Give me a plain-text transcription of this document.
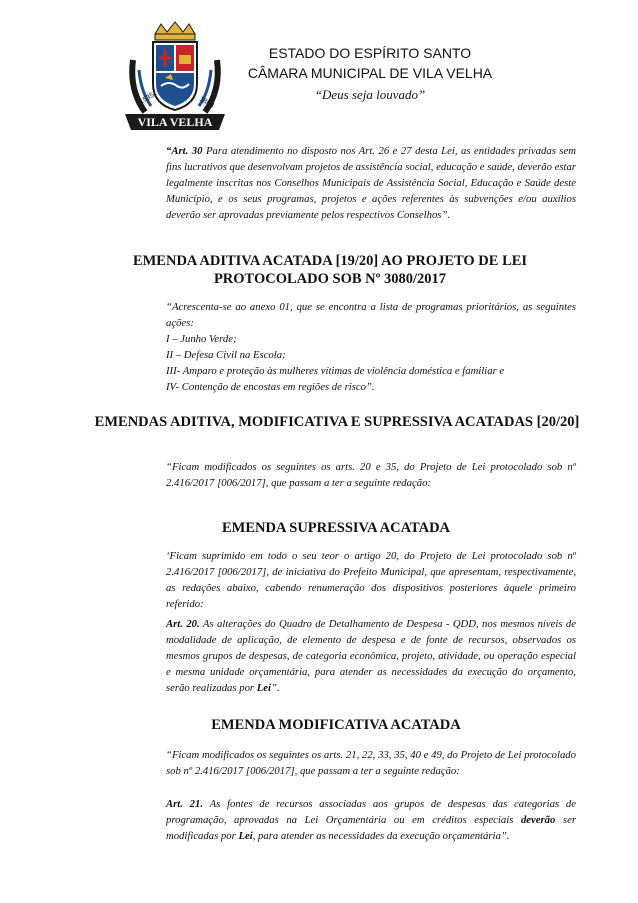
1535	1888
VILA VELHA
ESTADO DO ESPÍRITO SANTO
CÂMARA MUNICIPAL DE VILA VELHA
“Deus seja louvado”

“Art. 30 Para atendimento no disposto nos Art. 26 e 27 desta Lei, as entidades privadas sem fins lucrativos que desenvolvam projetos de assistência social, educação e saúde, deverão estar legalmente inscritas nos Conselhos Municipais de Assistência Social, Educação e Saúde deste Município, e os seus programas, projetos e ações referentes às subvenções e/ou auxílios deverão ser aprovadas previamente pelos respectivos Conselhos”.

EMENDA ADITIVA ACATADA [19/20] AO PROJETO DE LEI PROTOCOLADO SOB Nº 3080/2017
“Acrescenta-se ao anexo 01, que se encontra a lista de programas prioritários, as seguintes ações:
I – Junho Verde;
II – Defesa Civil na Escola;
III- Amparo e proteção às mulheres vítimas de violência doméstica e familiar e
IV- Contenção de encostas em regiões de risco”.
EMENDAS ADITIVA, MODIFICATIVA E SUPRESSIVA ACATADAS [20/20]

“Ficam modificados os seguintes os arts. 20 e 35, do Projeto de Lei protocolado sob nº 2.416/2017 [006/2017], que passam a ter a seguinte redação:

EMENDA SUPRESSIVA ACATADA

‘Ficam suprimido em todo o seu teor o artigo 20, do Projeto de Lei protocolado sob nº 2.416/2017 [006/2017], de iniciativa do Prefeito Municipal, que apresentam, respectivamente, as redações abaixo, cabendo renumeração dos dispositivos posteriores àquele primeiro referido:

Art. 20. As alterações do Quadro de Detalhamento de Despesa - QDD, nos mesmos níveis de modalidade de aplicação, de elemento de despesa e de fonte de recursos, observados os mesmos grupos de despesas, de categoria econômica, projeto, atividade, ou operação especial e mesma unidade orçamentária, para atender as necessidades da execução do orçamento, serão realizadas por Lei”.

EMENDA MODIFICATIVA ACATADA

“Ficam modificados os seguintes os arts. 21, 22, 33, 35, 40 e 49, do Projeto de Lei protocolado sob nº 2.416/2017 [006/2017], que passam a ter a seguinte redação:

Art. 21. As fontes de recursos associadas aos grupos de despesas das categorias de programação, aprovadas na Lei Orçamentária ou em créditos especiais deverão ser modificadas por Lei, para atender as necessidades da execução orçamentária”.
